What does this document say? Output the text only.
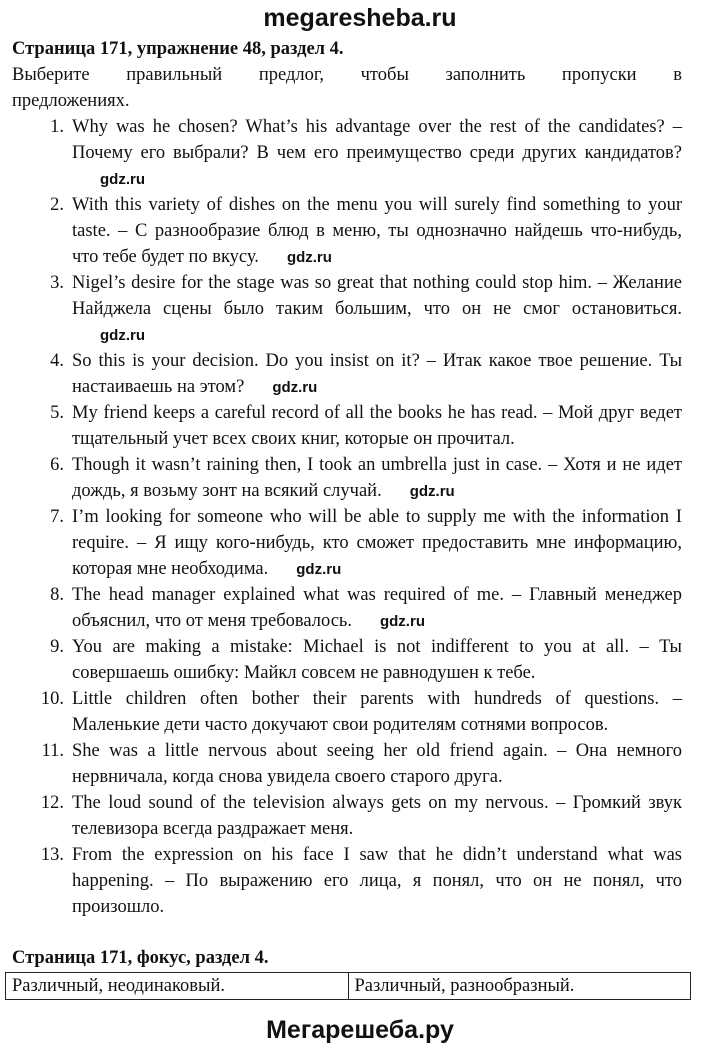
megaresheba.ru
Страница 171, упражнение 48, раздел 4.
Выберите правильный предлог, чтобы заполнить пропуски в
предложениях.
1. Why was he chosen? What’s his advantage over the rest of the candidates? – Почему его выбрали? В чем его преимущество среди других кандидатов?gdz.ru
2. With this variety of dishes on the menu you will surely find something to your taste. – С разнообразие блюд в меню, ты однозначно найдешь что-нибудь, что тебе будет по вкусу. gdz.ru
3. Nigel’s desire for the stage was so great that nothing could stop him. – Желание Найджела сцены было таким большим, что он не смог остановиться.gdz.ru
4. So this is your decision. Do you insist on it? – Итак какое твое решение. Ты настаиваешь на этом? gdz.ru
5. My friend keeps a careful record of all the books he has read. – Мой друг ведет тщательный учет всех своих книг, которые он прочитал.
6. Though it wasn’t raining then, I took an umbrella just in case. – Хотя и не идет дождь, я возьму зонт на всякий случай. gdz.ru
7. I’m looking for someone who will be able to supply me with the information I require. – Я ищу кого-нибудь, кто сможет предоставить мне информацию, которая мне необходима. gdz.ru
8. The head manager explained what was required of me. – Главный менеджер объяснил, что от меня требовалось. gdz.ru
9. You are making a mistake: Michael is not indifferent to you at all. – Ты совершаешь ошибку: Майкл совсем не равнодушен к тебе.
10. Little children often bother their parents with hundreds of questions. – Маленькие дети часто докучают свои родителям сотнями вопросов.
11. She was a little nervous about seeing her old friend again. – Она немного нервничала, когда снова увидела своего старого друга.
12. The loud sound of the television always gets on my nervous. – Громкий звук телевизора всегда раздражает меня.
13. From the expression on his face I saw that he didn’t understand what was happening. – По выражению его лица, я понял, что он не понял, что произошло.
Страница 171, фокус, раздел 4.
Различный, неодинаковый.	Различный, разнообразный.
Мегарешеба.ру
